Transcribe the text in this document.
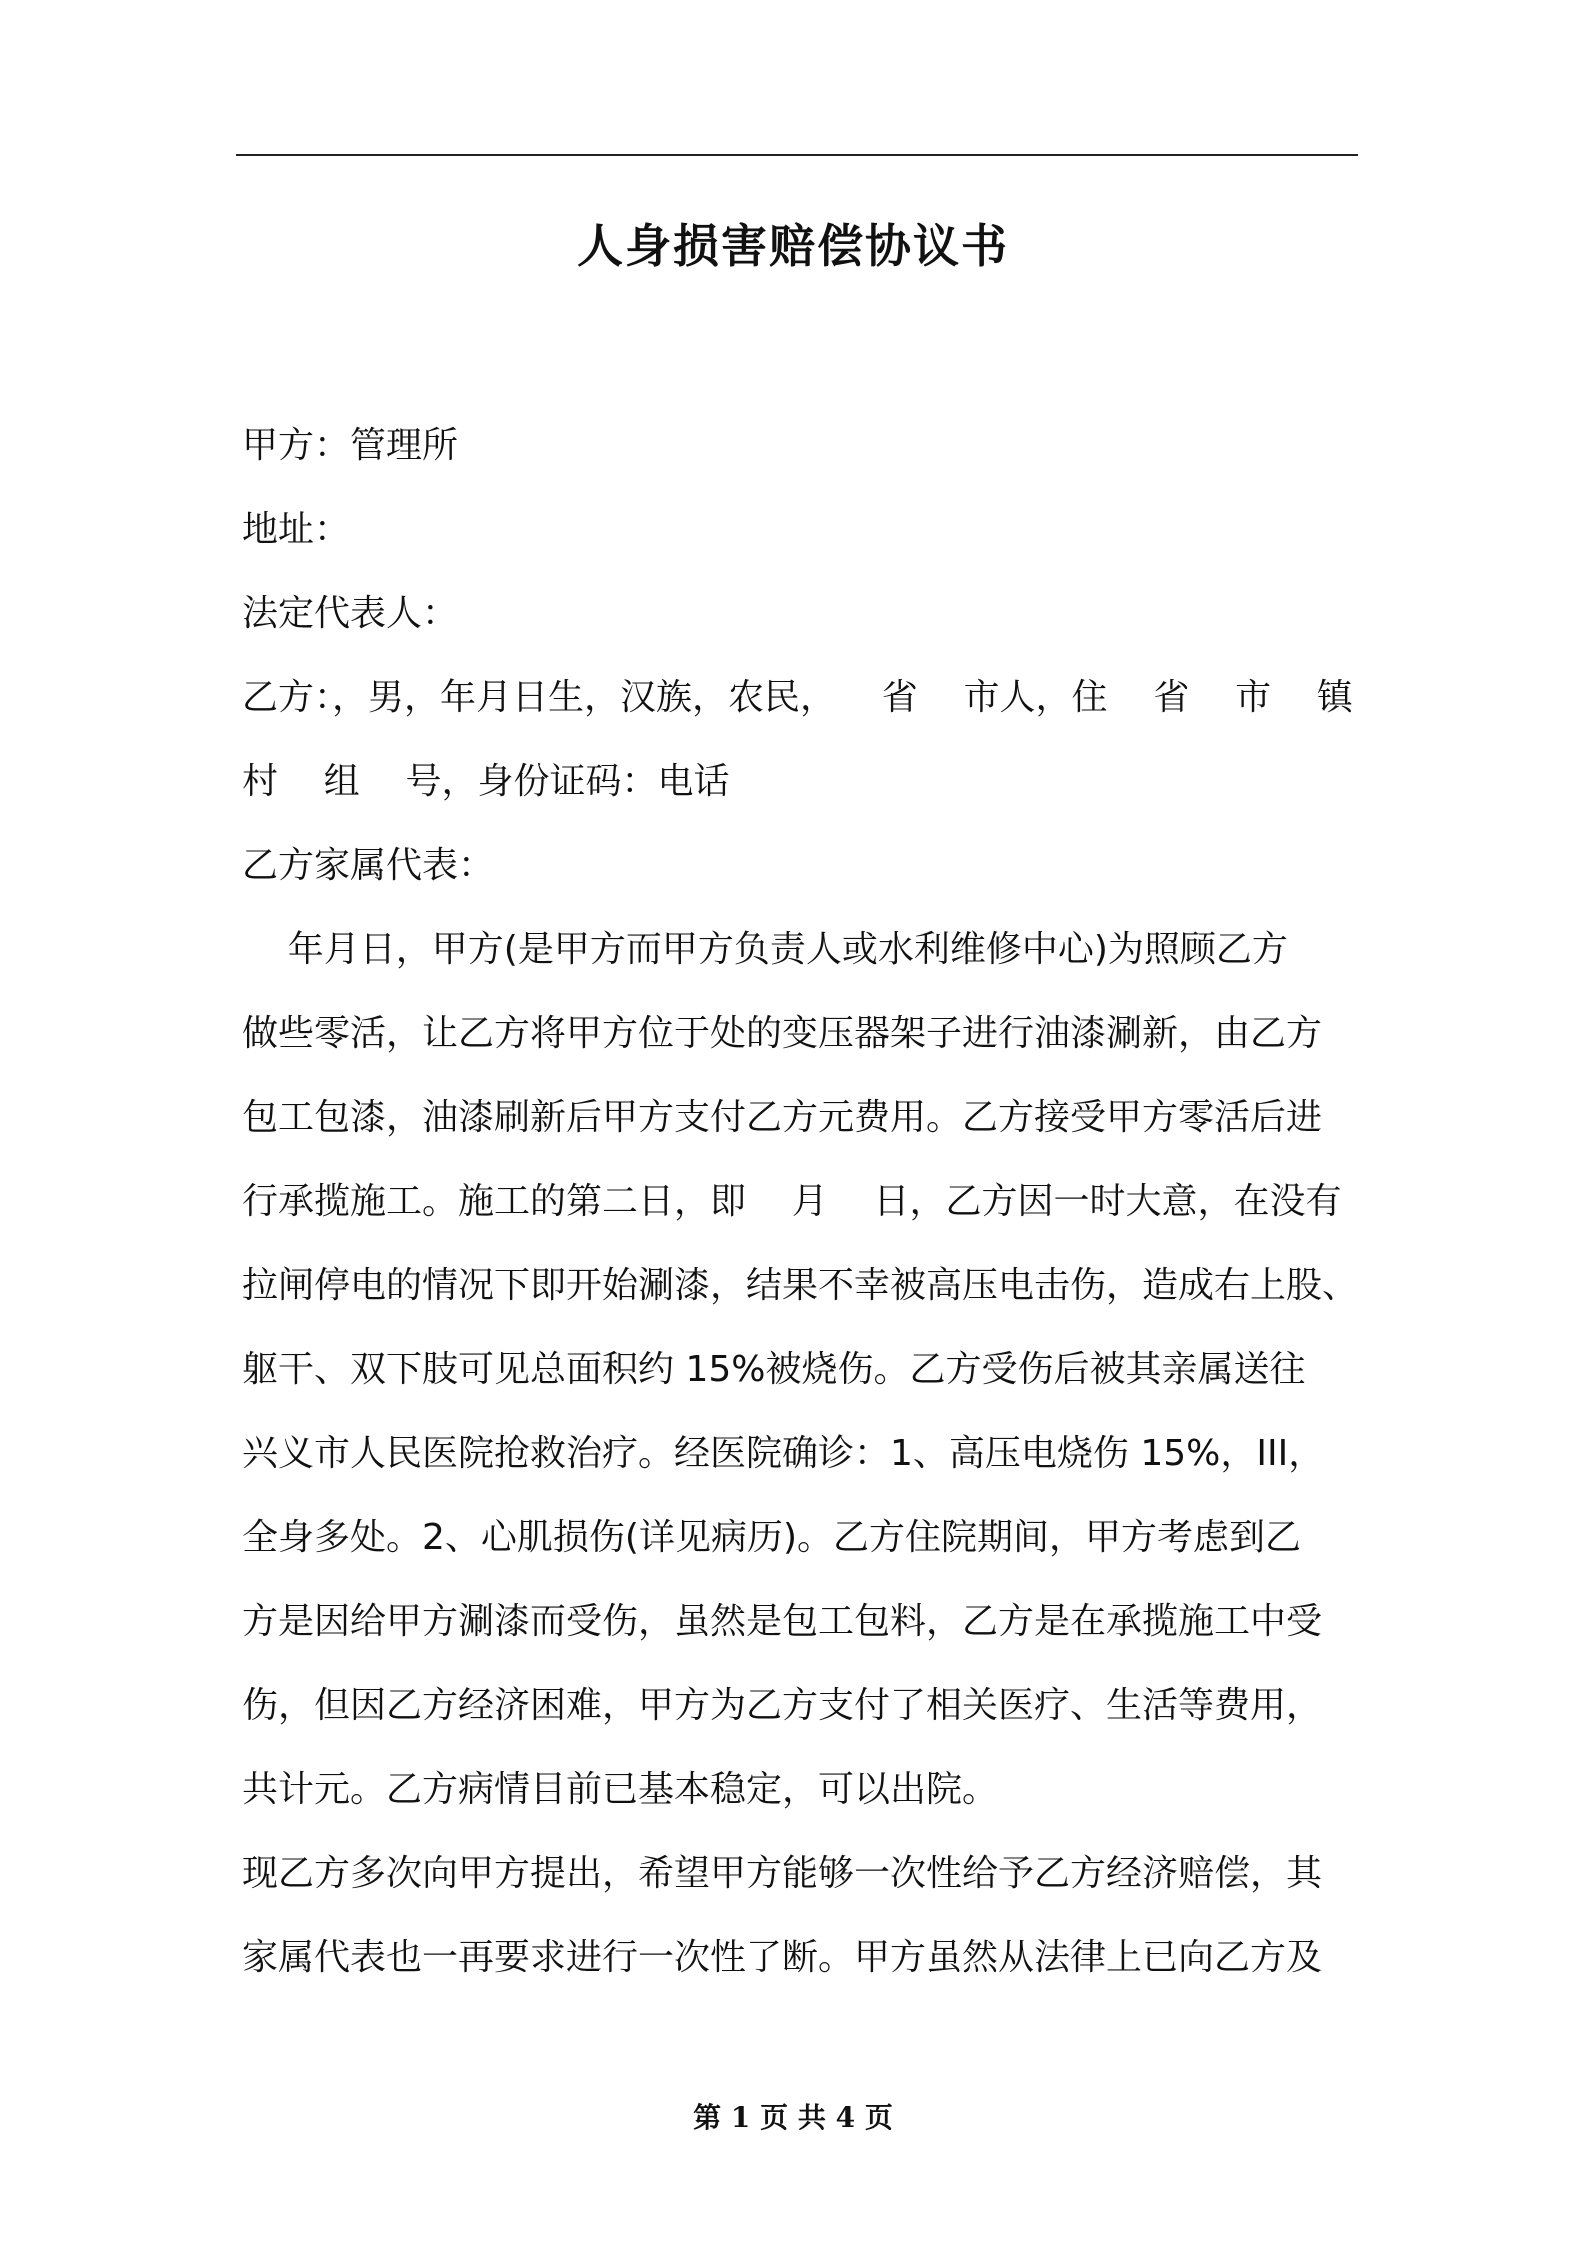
人身损害赔偿协议书
甲方：管理所
地址：
法定代表人：
乙方：，男，年月日生，汉族，农民，    省    市人，住    省    市    镇
村    组    号，身份证码：电话
乙方家属代表：
年月日，甲方(是甲方而甲方负责人或水利维修中心)为照顾乙方
做些零活，让乙方将甲方位于处的变压器架子进行油漆涮新，由乙方
包工包漆，油漆刷新后甲方支付乙方元费用。乙方接受甲方零活后进
行承揽施工。施工的第二日，即    月    日，乙方因一时大意，在没有
拉闸停电的情况下即开始涮漆，结果不幸被高压电击伤，造成右上股、
躯干、双下肢可见总面积约 15%被烧伤。乙方受伤后被其亲属送往
兴义市人民医院抢救治疗。经医院确诊：1、高压电烧伤 15%，III，
全身多处。2、心肌损伤(详见病历)。乙方住院期间，甲方考虑到乙
方是因给甲方涮漆而受伤，虽然是包工包料，乙方是在承揽施工中受
伤，但因乙方经济困难，甲方为乙方支付了相关医疗、生活等费用，
共计元。乙方病情目前已基本稳定，可以出院。
现乙方多次向甲方提出，希望甲方能够一次性给予乙方经济赔偿，其
家属代表也一再要求进行一次性了断。甲方虽然从法律上已向乙方及
第 1 页 共 4 页
